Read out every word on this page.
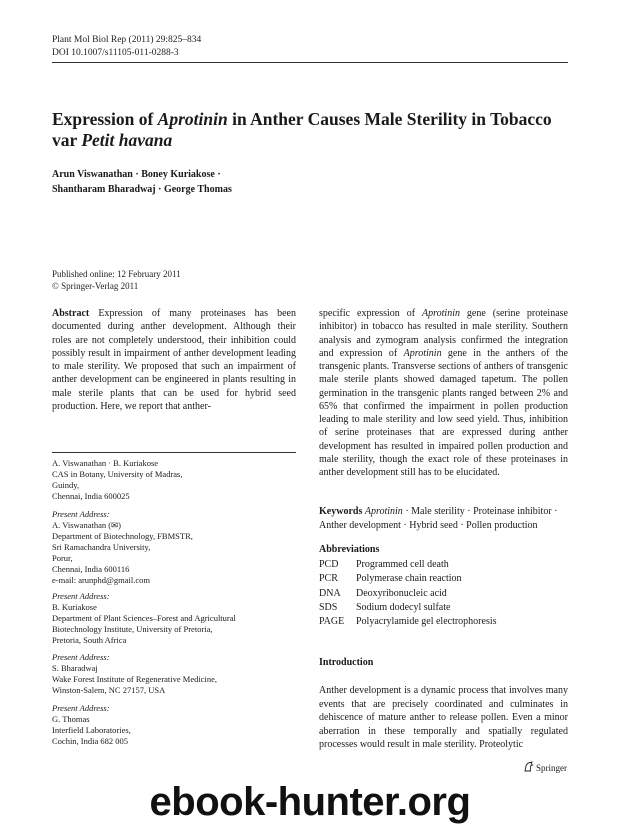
Plant Mol Biol Rep (2011) 29:825–834
DOI 10.1007/s11105-011-0288-3
Expression of Aprotinin in Anther Causes Male Sterility in Tobacco var Petit havana
Arun Viswanathan · Boney Kuriakose ·
Shantharam Bharadwaj · George Thomas
Published online: 12 February 2011
© Springer-Verlag 2011
Abstract Expression of many proteinases has been documented during anther development. Although their roles are not completely understood, their inhibition could possibly result in impairment of anther development leading to male sterility. We proposed that such an impairment of anther development can be engineered in plants resulting in male sterile plants that can be used for hybrid seed production. Here, we report that anther-
specific expression of Aprotinin gene (serine proteinase inhibitor) in tobacco has resulted in male sterility. Southern analysis and zymogram analysis confirmed the integration and expression of Aprotinin gene in the anthers of the transgenic plants. Transverse sections of anthers of transgenic male sterile plants showed damaged tapetum. The pollen germination in the transgenic plants ranged between 2% and 65% that confirmed the impairment in pollen production leading to male sterility and low seed yield. Thus, inhibition of serine proteinases that are expressed during anther development has resulted in impaired pollen production and male sterility, though the exact role of these proteinases in anther development still has to be elucidated.
A. Viswanathan · B. Kuriakose
CAS in Botany, University of Madras,
Guindy,
Chennai, India 600025
Present Address:
A. Viswanathan (✉)
Department of Biotechnology, FBMSTR,
Sri Ramachandra University,
Porur,
Chennai, India 600116
e-mail: arunphd@gmail.com
Present Address:
B. Kuriakose
Department of Plant Sciences–Forest and Agricultural
Biotechnology Institute, University of Pretoria,
Pretoria, South Africa
Present Address:
S. Bharadwaj
Wake Forest Institute of Regenerative Medicine,
Winston-Salem, NC 27157, USA
Present Address:
G. Thomas
Interfield Laboratories,
Cochin, India 682 005
Keywords Aprotinin · Male sterility · Proteinase inhibitor · Anther development · Hybrid seed · Pollen production
Abbreviations
PCD	Programmed cell death
PCR	Polymerase chain reaction
DNA	Deoxyribonucleic acid
SDS	Sodium dodecyl sulfate
PAGE	Polyacrylamide gel electrophoresis
Introduction
Anther development is a dynamic process that involves many events that are precisely coordinated and culminates in dehiscence of mature anther to release pollen. Even a minor aberration in these temporally and spatially regulated processes would result in male sterility. Proteolytic
Springer
ebook-hunter.org
